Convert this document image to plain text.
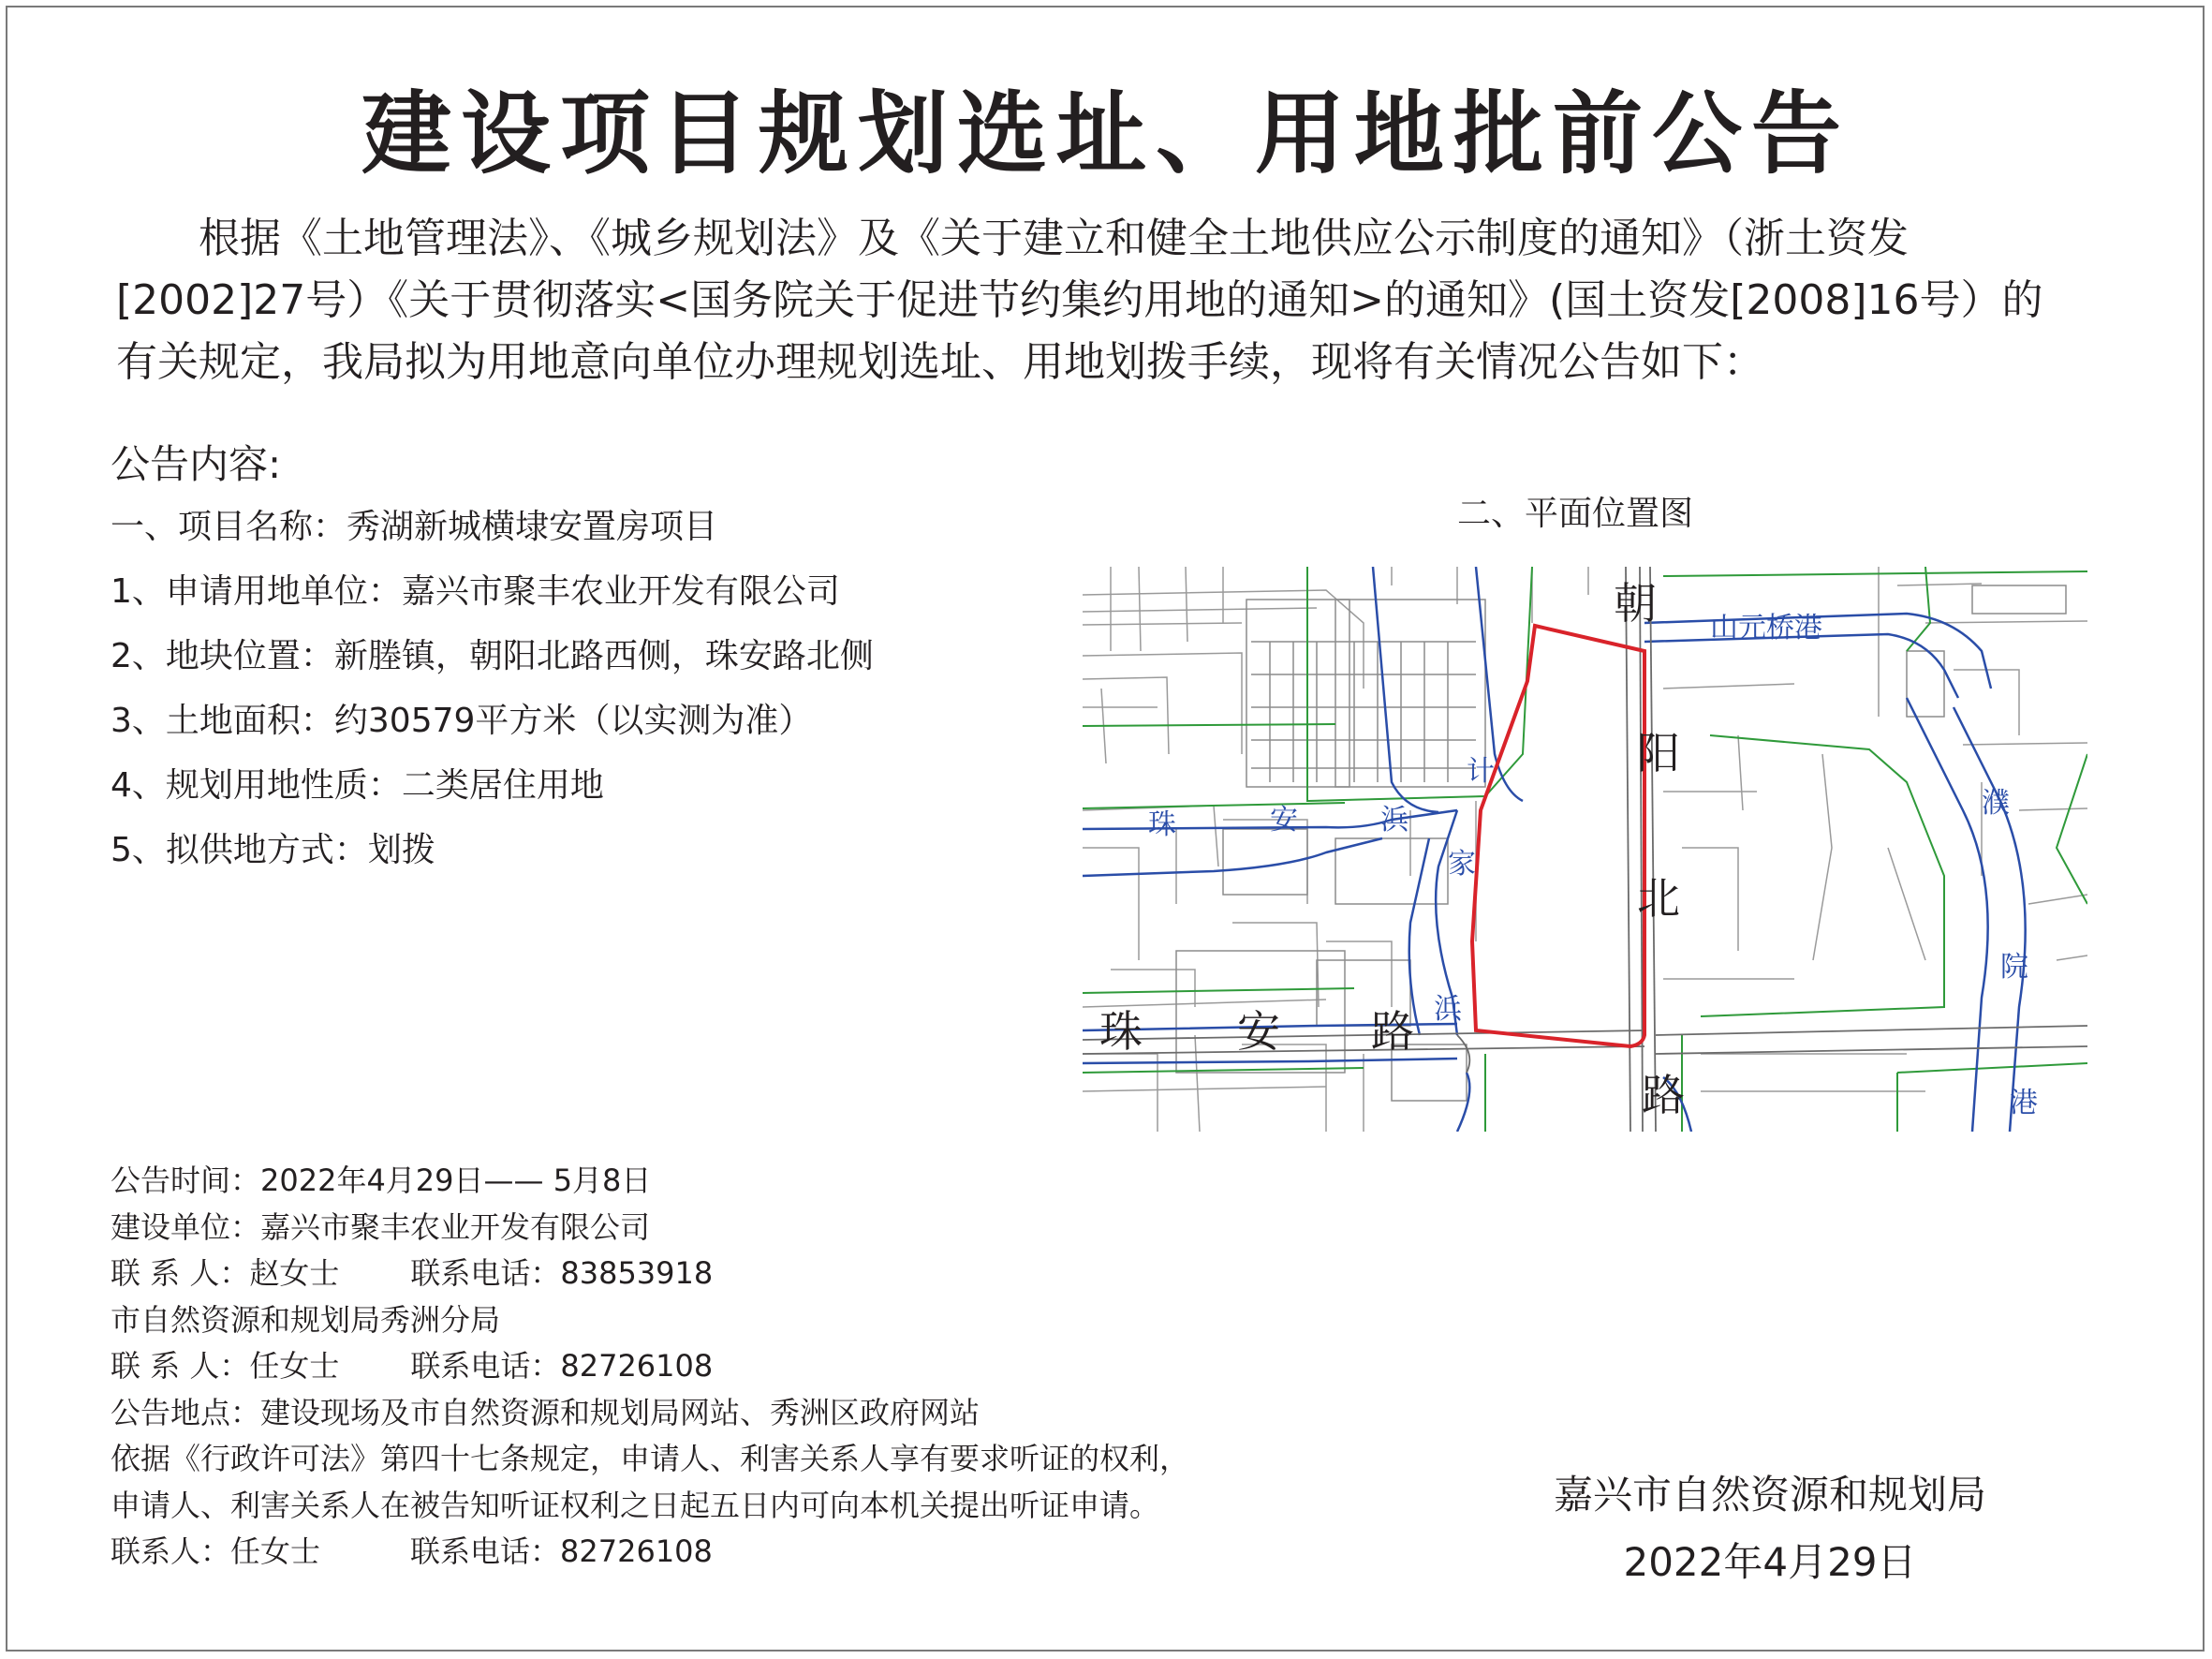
建设项目规划选址、用地批前公告
根据《土地管理法》、《城乡规划法》及《关于建立和健全土地供应公示制度的通知》（浙土资发
[2002]27号）《关于贯彻落实<国务院关于促进节约集约用地的通知>的通知》(国土资发[2008]16号）的
有关规定，我局拟为用地意向单位办理规划选址、用地划拨手续，现将有关情况公告如下：
公告内容:
一、项目名称：秀湖新城横埭安置房项目
1、申请用地单位：嘉兴市聚丰农业开发有限公司
2、地块位置：新塍镇，朝阳北路西侧，珠安路北侧
3、土地面积：约30579平方米（以实测为准）
4、规划用地性质：二类居住用地
5、拟供地方式：划拨
二、平面位置图
朝
阳
北
路
珠 安 路
珠	安	浜
计
家
浜
濮
院
港
山元桥港
公告时间：2022年4月29日—— 5月8日
建设单位：嘉兴市聚丰农业开发有限公司
联 系 人：赵女士 联系电话：83853918
市自然资源和规划局秀洲分局
联 系 人：任女士 联系电话：82726108
公告地点：建设现场及市自然资源和规划局网站、秀洲区政府网站
依据《行政许可法》第四十七条规定，申请人、利害关系人享有要求听证的权利，
申请人、利害关系人在被告知听证权利之日起五日内可向本机关提出听证申请。
联系人：任女士	联系电话：82726108
嘉兴市自然资源和规划局
2022年4月29日
